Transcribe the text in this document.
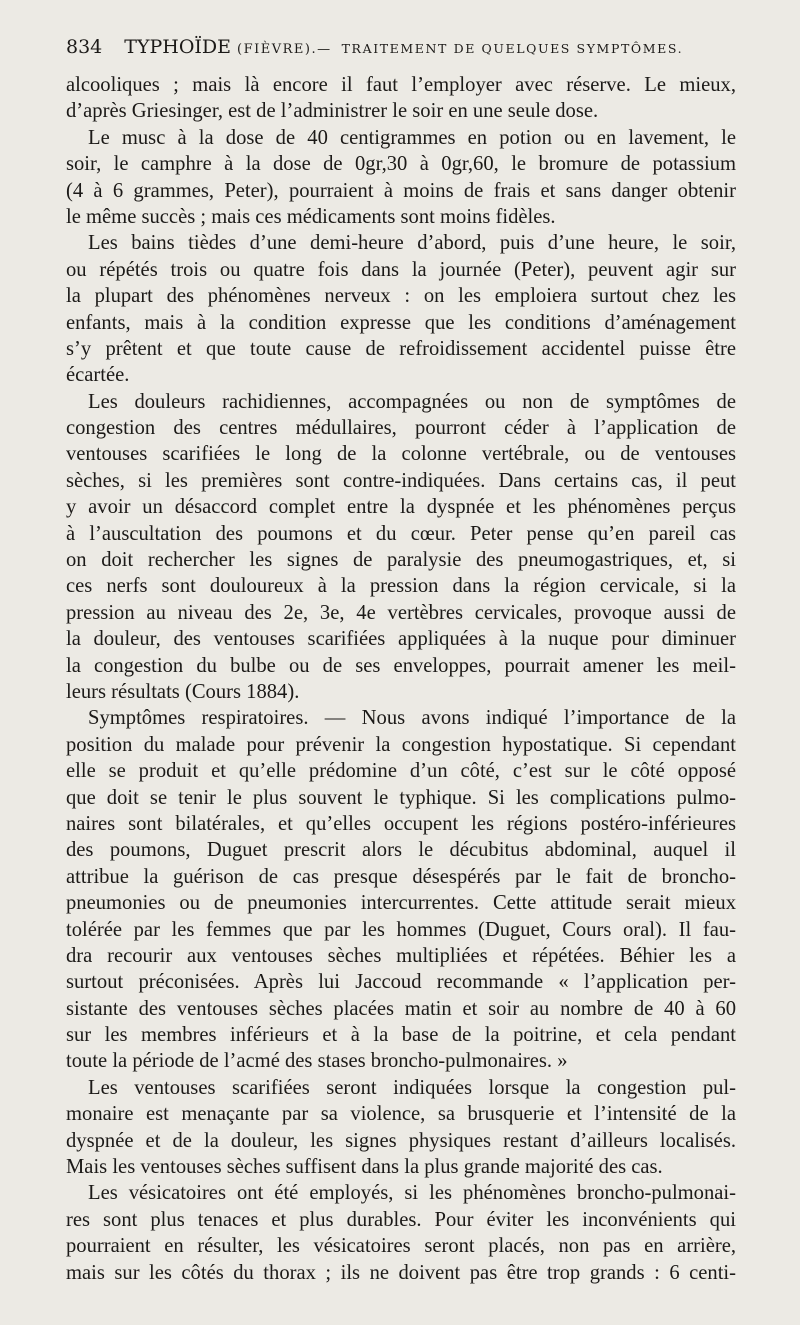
834 TYPHOÏDE (FIÈVRE).— TRAITEMENT DE QUELQUES SYMPTÔMES.
alcooliques ; mais là encore il faut l’employer avec réserve. Le mieux,
d’après Griesinger, est de l’administrer le soir en une seule dose.
Le musc à la dose de 40 centigrammes en potion ou en lavement, le
soir, le camphre à la dose de 0gr,30 à 0gr,60, le bromure de potassium
(4 à 6 grammes, Peter), pourraient à moins de frais et sans danger obtenir
le même succès ; mais ces médicaments sont moins fidèles.
Les bains tièdes d’une demi-heure d’abord, puis d’une heure, le soir,
ou répétés trois ou quatre fois dans la journée (Peter), peuvent agir sur
la plupart des phénomènes nerveux : on les emploiera surtout chez les
enfants, mais à la condition expresse que les conditions d’aménagement
s’y prêtent et que toute cause de refroidissement accidentel puisse être
écartée.
Les douleurs rachidiennes, accompagnées ou non de symptômes de
congestion des centres médullaires, pourront céder à l’application de
ventouses scarifiées le long de la colonne vertébrale, ou de ventouses
sèches, si les premières sont contre-indiquées. Dans certains cas, il peut
y avoir un désaccord complet entre la dyspnée et les phénomènes perçus
à l’auscultation des poumons et du cœur. Peter pense qu’en pareil cas
on doit rechercher les signes de paralysie des pneumogastriques, et, si
ces nerfs sont douloureux à la pression dans la région cervicale, si la
pression au niveau des 2e, 3e, 4e vertèbres cervicales, provoque aussi de
la douleur, des ventouses scarifiées appliquées à la nuque pour diminuer
la congestion du bulbe ou de ses enveloppes, pourrait amener les meil-
leurs résultats (Cours 1884).
Symptômes respiratoires. — Nous avons indiqué l’importance de la
position du malade pour prévenir la congestion hypostatique. Si cependant
elle se produit et qu’elle prédomine d’un côté, c’est sur le côté opposé
que doit se tenir le plus souvent le typhique. Si les complications pulmo-
naires sont bilatérales, et qu’elles occupent les régions postéro-inférieures
des poumons, Duguet prescrit alors le décubitus abdominal, auquel il
attribue la guérison de cas presque désespérés par le fait de broncho-
pneumonies ou de pneumonies intercurrentes. Cette attitude serait mieux
tolérée par les femmes que par les hommes (Duguet, Cours oral). Il fau-
dra recourir aux ventouses sèches multipliées et répétées. Béhier les a
surtout préconisées. Après lui Jaccoud recommande « l’application per-
sistante des ventouses sèches placées matin et soir au nombre de 40 à 60
sur les membres inférieurs et à la base de la poitrine, et cela pendant
toute la période de l’acmé des stases broncho-pulmonaires. »
Les ventouses scarifiées seront indiquées lorsque la congestion pul-
monaire est menaçante par sa violence, sa brusquerie et l’intensité de la
dyspnée et de la douleur, les signes physiques restant d’ailleurs localisés.
Mais les ventouses sèches suffisent dans la plus grande majorité des cas.
Les vésicatoires ont été employés, si les phénomènes broncho-pulmonai-
res sont plus tenaces et plus durables. Pour éviter les inconvénients qui
pourraient en résulter, les vésicatoires seront placés, non pas en arrière,
mais sur les côtés du thorax ; ils ne doivent pas être trop grands : 6 centi-
